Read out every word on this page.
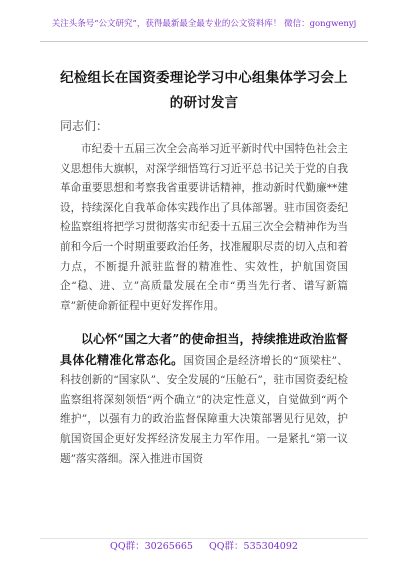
关注头条号“公文研究”，获得最新最全最专业的公文资料库！ 微信：gongwenyj
纪检组长在国资委理论学习中心组集体学习会上的研讨发言
同志们：
市纪委十五届三次全会高举习近平新时代中国特色社会主义思想伟大旗帜，对深学细悟笃行习近平总书记关于党的自我革命重要思想和考察我省重要讲话精神，推动新时代勤廉**建设，持续深化自我革命体实践作出了具体部署。驻市国资委纪检监察组将把学习贯彻落实市纪委十五届三次全会精神作为当前和今后一个时期重要政治任务，找准履职尽责的切入点和着力点，不断提升派驻监督的精准性、实效性，护航国资国企“稳、进、立”高质量发展在全市“勇当先行者、谱写新篇章”新使命新征程中更好发挥作用。
以心怀“国之大者”的使命担当，持续推进政治监督具体化精准化常态化。国资国企是经济增长的“顶梁柱”、科技创新的“国家队”、安全发展的“压舱石”，驻市国资委纪检监察组将深刻领悟“两个确立”的决定性意义，自觉做到“两个维护”，以强有力的政治监督保障重大决策部署见行见效，护航国资国企更好发挥经济发展主力军作用。一是紧扎“第一议题”落实落细。深入推进市国资
QQ群：30265665 QQ群：535304092
